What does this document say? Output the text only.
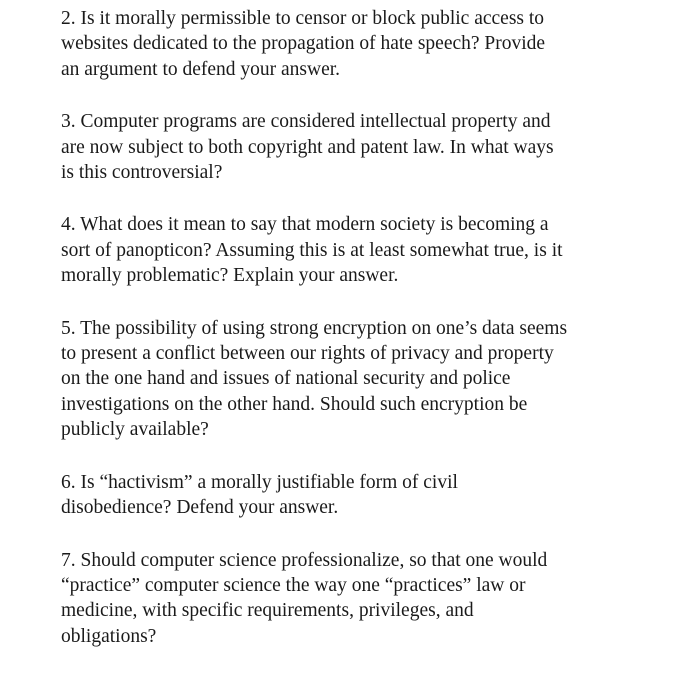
2. Is it morally permissible to censor or block public access to
websites dedicated to the propagation of hate speech? Provide
an argument to defend your answer.
3. Computer programs are considered intellectual property and
are now subject to both copyright and patent law. In what ways
is this controversial?
4. What does it mean to say that modern society is becoming a
sort of panopticon? Assuming this is at least somewhat true, is it
morally problematic? Explain your answer.
5. The possibility of using strong encryption on one’s data seems
to present a conflict between our rights of privacy and property
on the one hand and issues of national security and police
investigations on the other hand. Should such encryption be
publicly available?
6. Is “hactivism” a morally justifiable form of civil
disobedience? Defend your answer.
7. Should computer science professionalize, so that one would
“practice” computer science the way one “practices” law or
medicine, with specific requirements, privileges, and
obligations?
